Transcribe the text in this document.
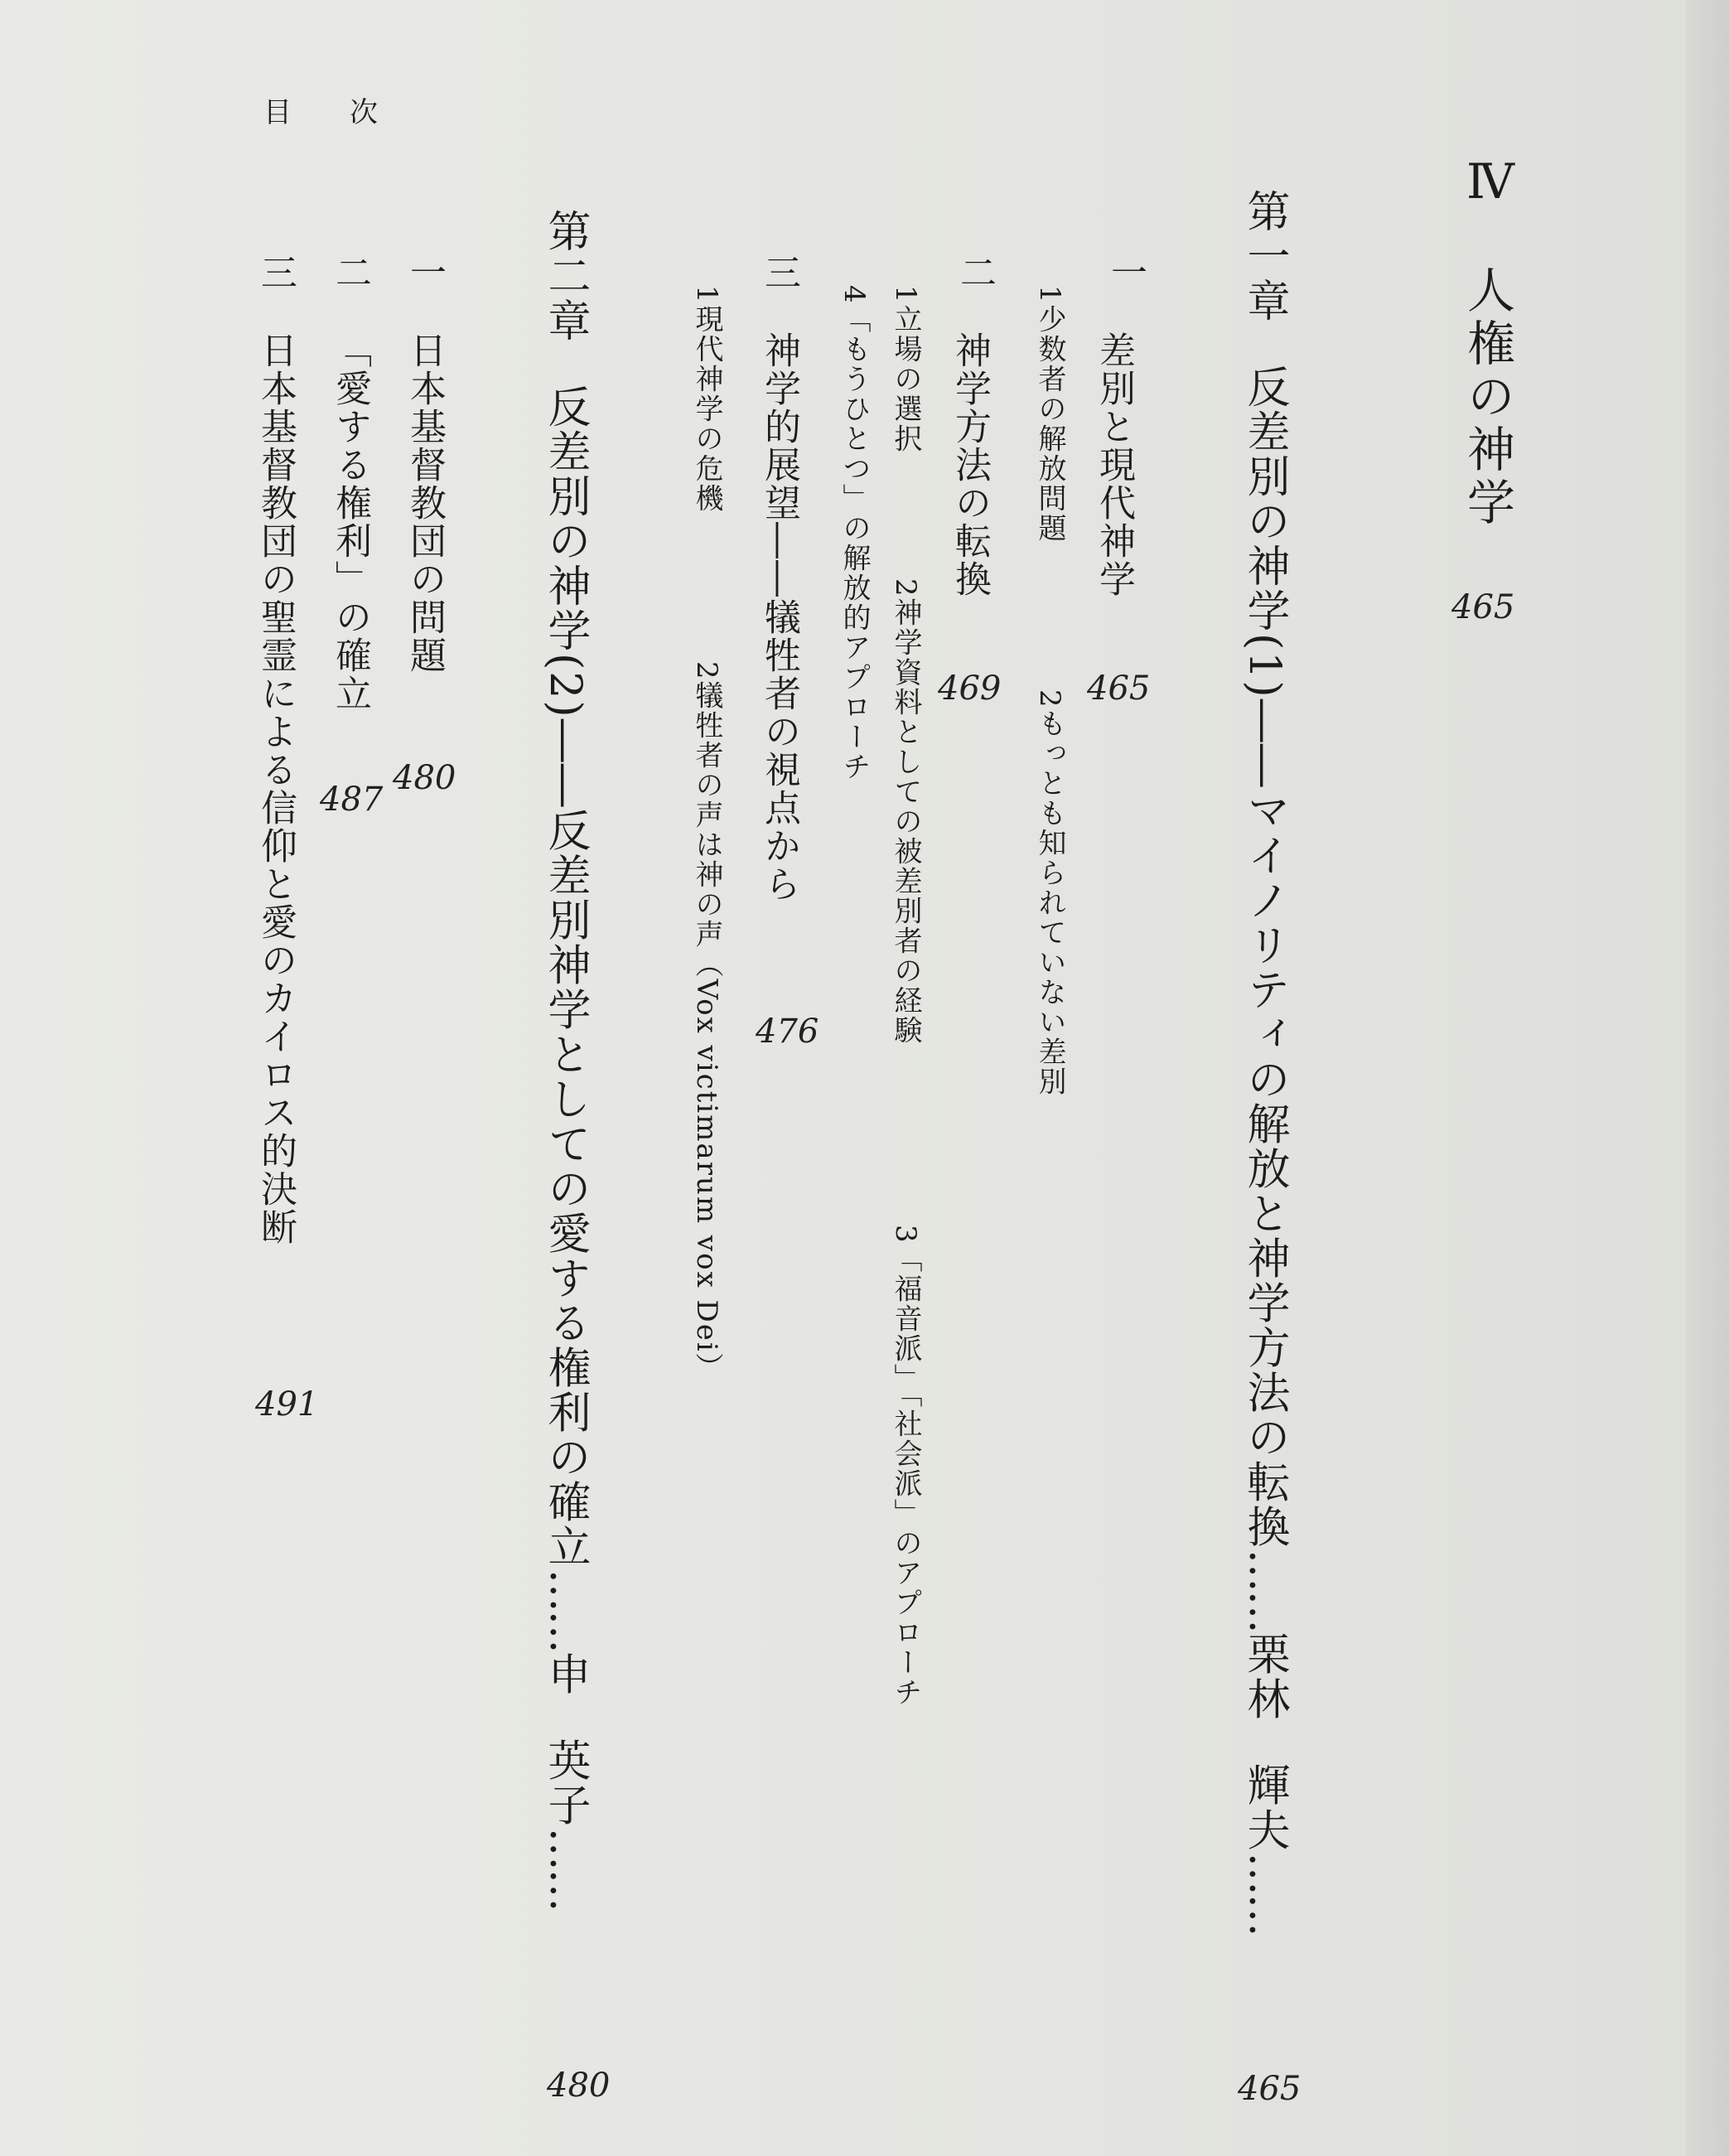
目次
Ⅳ
人権の神学
465
第一章反差別の神学(1)――マイノリティの解放と神学方法の転換……栗林輝夫……
465
一
差別と現代神学
465
1少数者の解放問題
2もっとも知られていない差別
二
神学方法の転換
469
1立場の選択
2神学資料としての被差別者の経験
3「福音派」「社会派」のアプローチ
4「もうひとつ」の解放的アプローチ
三
神学的展望――犠牲者の視点から
476
1現代神学の危機
2犠牲者の声は神の声（Vox victimarum vox Dei）
第二章反差別の神学(2)――反差別神学としての愛する権利の確立……申英子……
480
一
日本基督教団の問題
480
二
「愛する権利」の確立
487
三
日本基督教団の聖霊による信仰と愛のカイロス的決断
491
